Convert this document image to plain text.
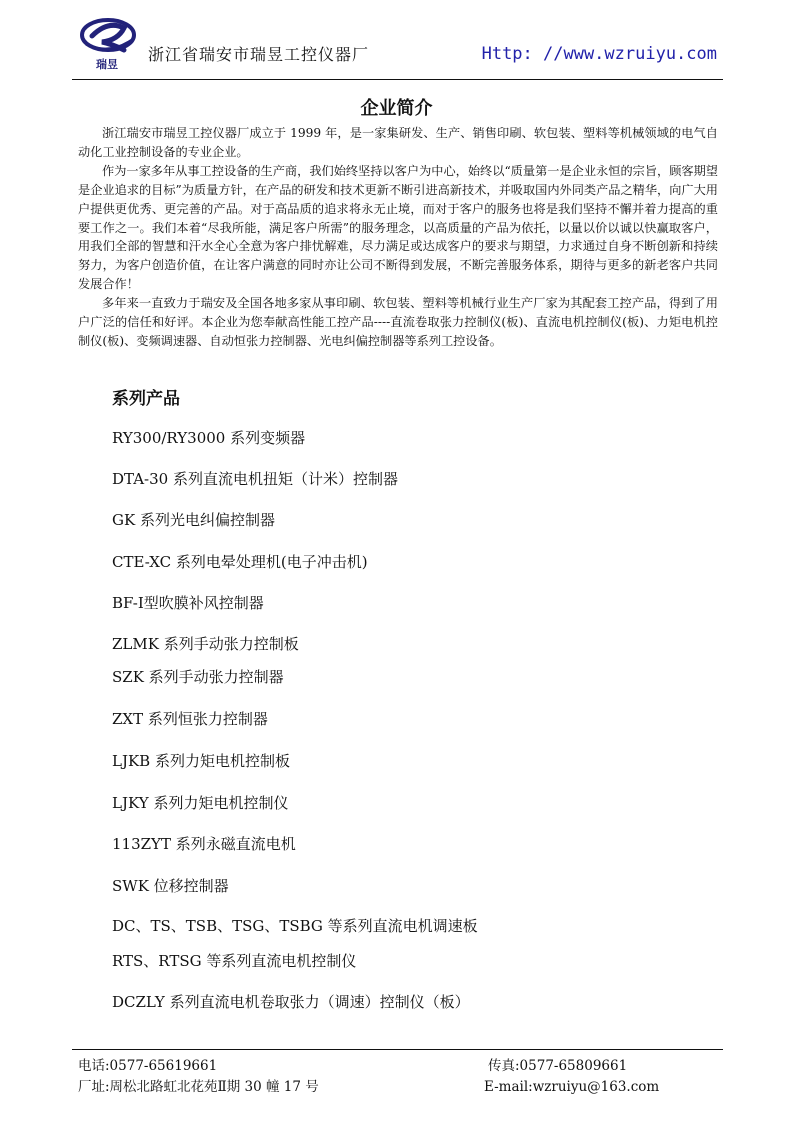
瑞昱
浙江省瑞安市瑞昱工控仪器厂	Http: //www.wzruiyu.com
企业简介

浙江瑞安市瑞昱工控仪器厂成立于 1999 年，是一家集研发、生产、销售印刷、软包装、塑料等机械领域的电气自动化工业控制设备的专业企业。

作为一家多年从事工控设备的生产商，我们始终坚持以客户为中心，始终以“质量第一是企业永恒的宗旨，顾客期望是企业追求的目标”为质量方针，在产品的研发和技术更新不断引进高新技术，并吸取国内外同类产品之精华，向广大用户提供更优秀、更完善的产品。对于高品质的追求将永无止境，而对于客户的服务也将是我们坚持不懈并着力提高的重要工作之一。我们本着“尽我所能，满足客户所需”的服务理念，以高质量的产品为依托，以量以价以诚以快赢取客户，用我们全部的智慧和汗水全心全意为客户排忧解难，尽力满足或达成客户的要求与期望，力求通过自身不断创新和持续努力，为客户创造价值，在让客户满意的同时亦让公司不断得到发展，不断完善服务体系，期待与更多的新老客户共同发展合作！

多年来一直致力于瑞安及全国各地多家从事印刷、软包装、塑料等机械行业生产厂家为其配套工控产品，得到了用户广泛的信任和好评。本企业为您奉献高性能工控产品----直流卷取张力控制仪(板)、直流电机控制仪(板)、力矩电机控制仪(板)、变频调速器、自动恒张力控制器、光电纠偏控制器等系列工控设备。

系列产品
RY300/RY3000 系列变频器
DTA-30 系列直流电机扭矩（计米）控制器
GK 系列光电纠偏控制器
CTE-XC 系列电晕处理机(电子冲击机)
BF-Ⅰ型吹膜补风控制器
ZLMK 系列手动张力控制板
SZK 系列手动张力控制器
ZXT 系列恒张力控制器
LJKB 系列力矩电机控制板
LJKY 系列力矩电机控制仪
113ZYT 系列永磁直流电机
SWK 位移控制器
DC、TS、TSB、TSG、TSBG 等系列直流电机调速板
RTS、RTSG 等系列直流电机控制仪
DCZLY 系列直流电机卷取张力（调速）控制仪（板）
电话:0577-65619661	传真:0577-65809661
厂址:周松北路虹北花苑Ⅱ期 30 幢 17 号	E-mail:wzruiyu@163.com
